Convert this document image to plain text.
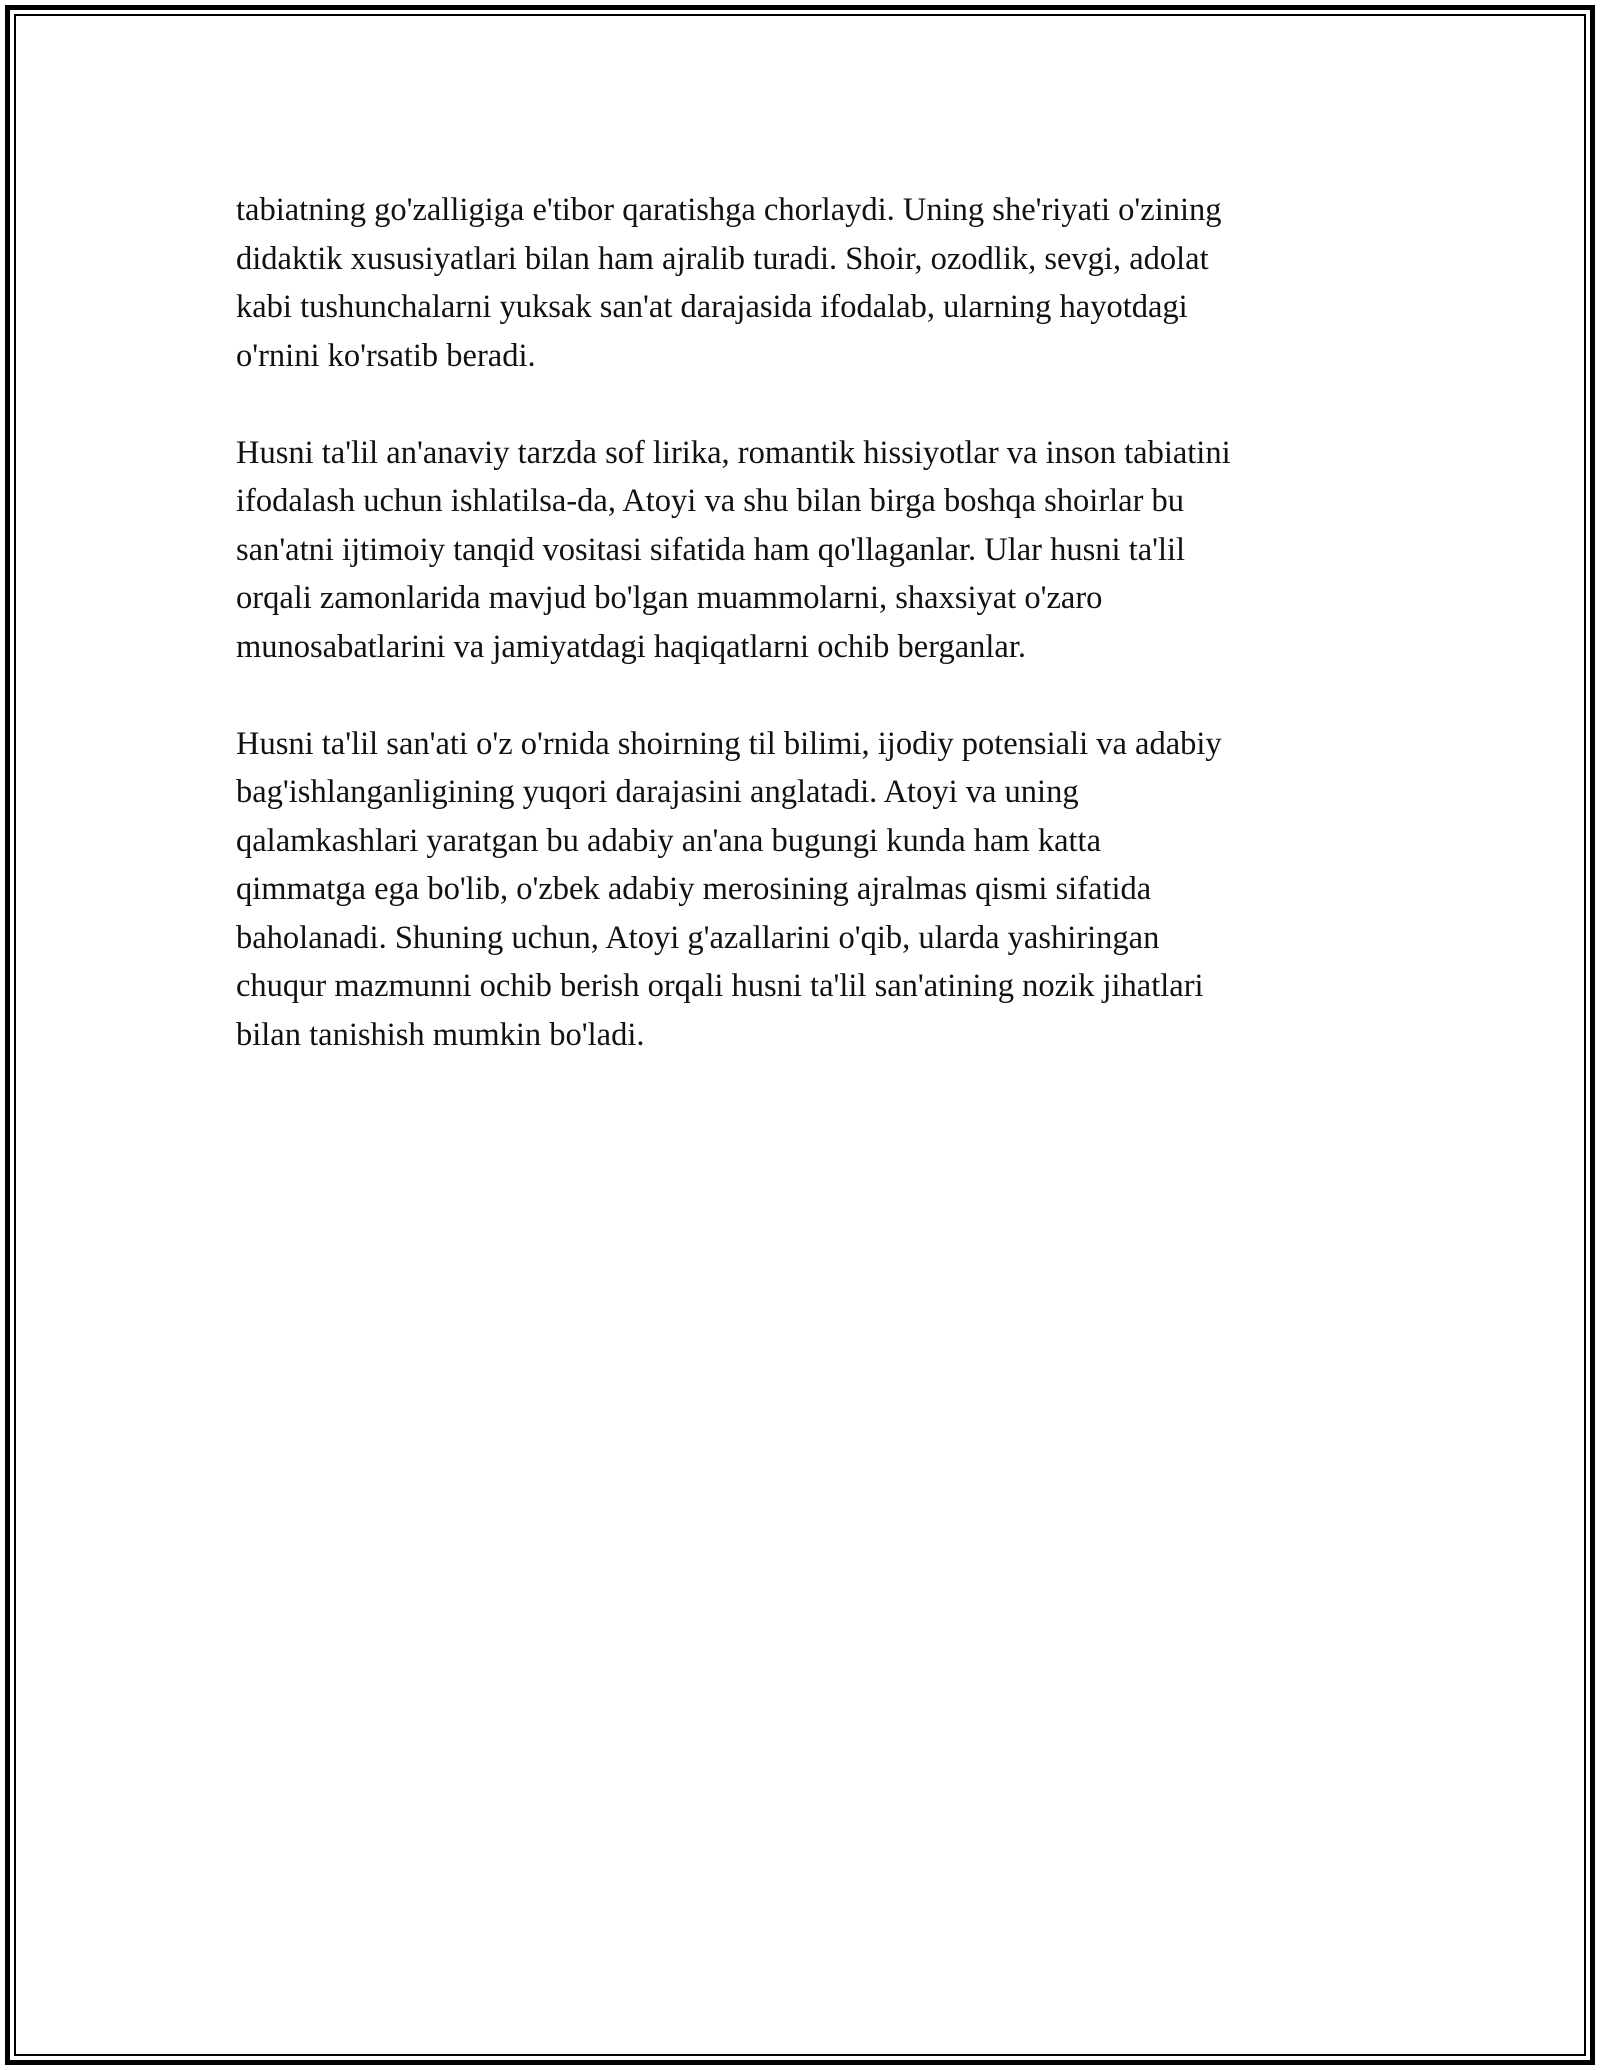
tabiatning go'zalligiga e'tibor qaratishga chorlaydi. Uning she'riyati o'zining
didaktik xususiyatlari bilan ham ajralib turadi. Shoir, ozodlik, sevgi, adolat
kabi tushunchalarni yuksak san'at darajasida ifodalab, ularning hayotdagi
o'rnini ko'rsatib beradi.

Husni ta'lil an'anaviy tarzda sof lirika, romantik hissiyotlar va inson tabiatini
ifodalash uchun ishlatilsa-da, Atoyi va shu bilan birga boshqa shoirlar bu
san'atni ijtimoiy tanqid vositasi sifatida ham qo'llaganlar. Ular husni ta'lil
orqali zamonlarida mavjud bo'lgan muammolarni, shaxsiyat o'zaro
munosabatlarini va jamiyatdagi haqiqatlarni ochib berganlar.

Husni ta'lil san'ati o'z o'rnida shoirning til bilimi, ijodiy potensiali va adabiy
bag'ishlanganligining yuqori darajasini anglatadi. Atoyi va uning
qalamkashlari yaratgan bu adabiy an'ana bugungi kunda ham katta
qimmatga ega bo'lib, o'zbek adabiy merosining ajralmas qismi sifatida
baholanadi. Shuning uchun, Atoyi g'azallarini o'qib, ularda yashiringan
chuqur mazmunni ochib berish orqali husni ta'lil san'atining nozik jihatlari
bilan tanishish mumkin bo'ladi.
